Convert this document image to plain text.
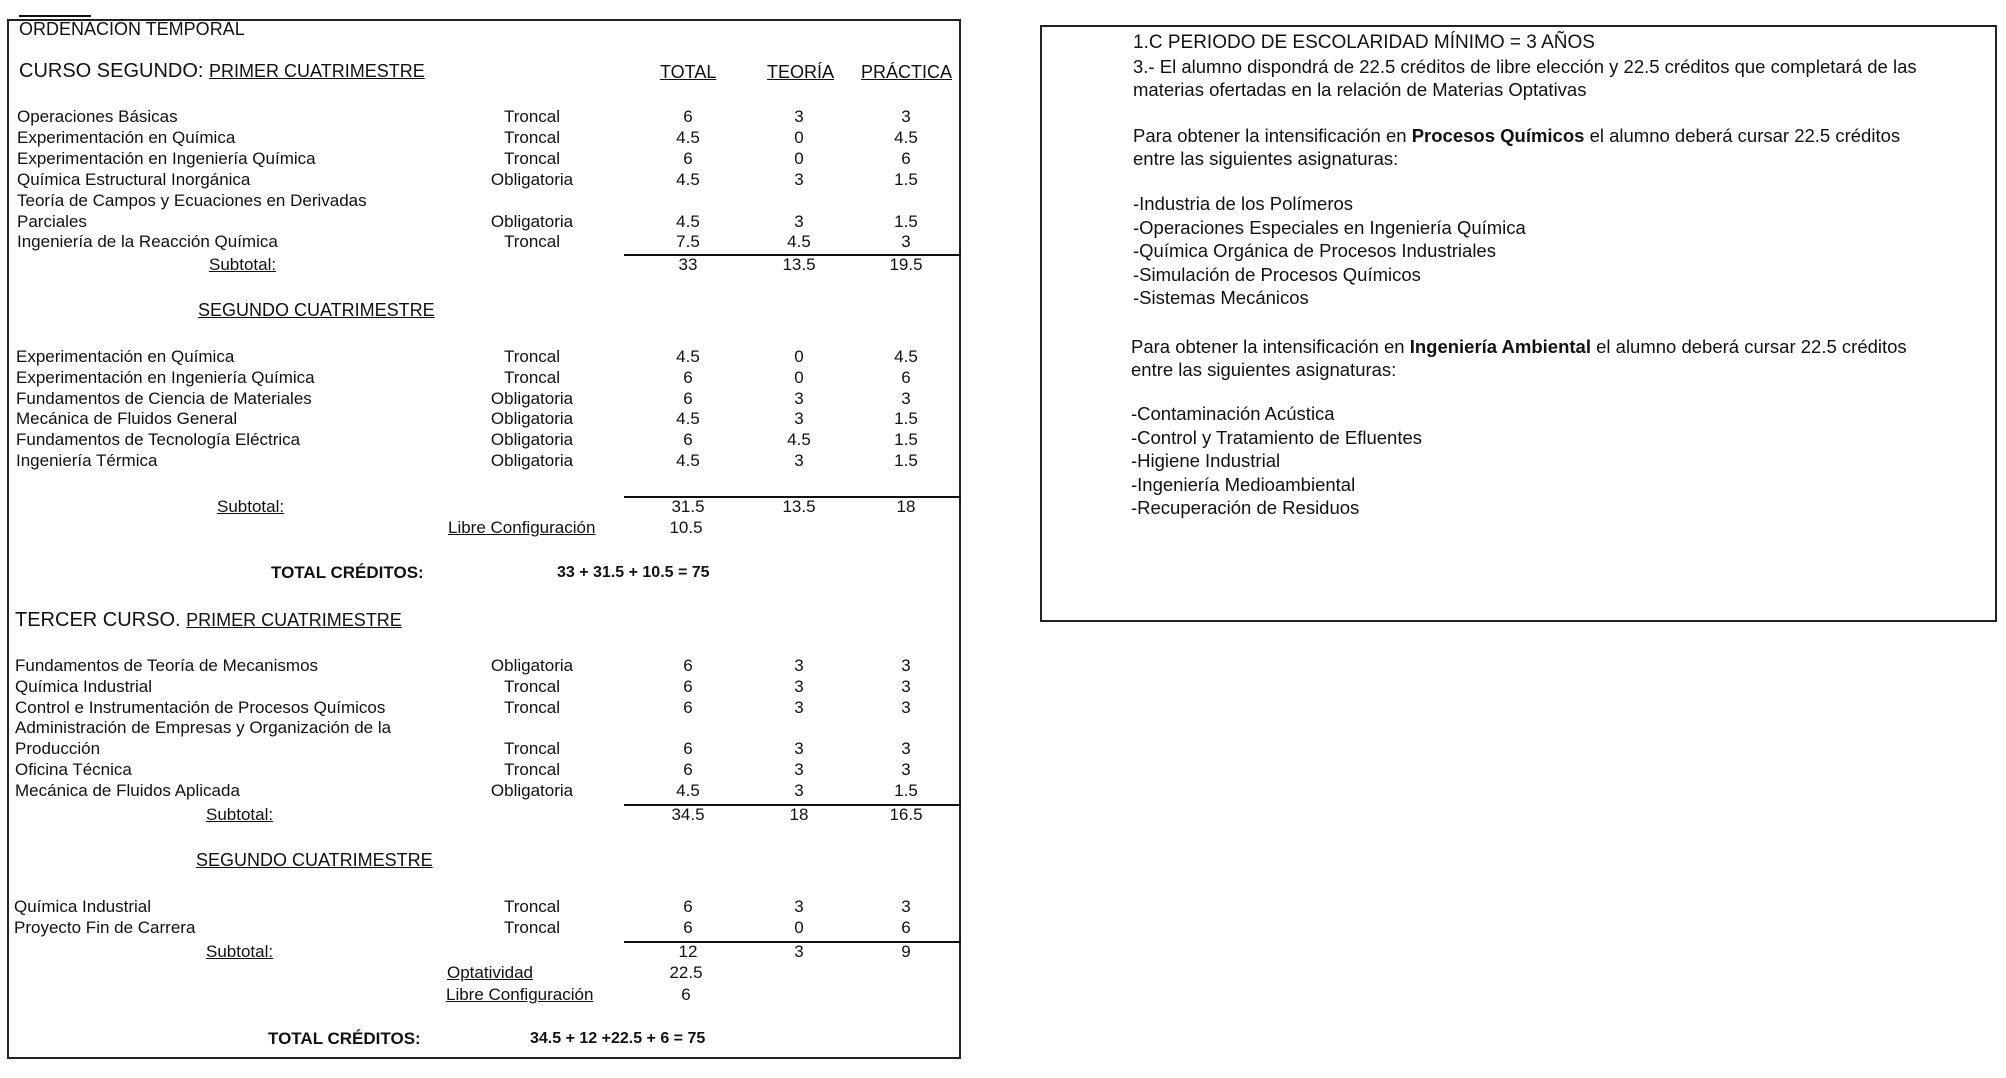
ORDENACIÓN TEMPORAL
CURSO SEGUNDO: PRIMER CUATRIMESTRE	TOTAL	TEORÍA PRÁCTICA
Operaciones Básicas	Troncal	6	3	3
Experimentación en Química	Troncal	4.5	0	4.5
Experimentación en Ingeniería Química	Troncal	6	0	6
Química Estructural Inorgánica	Obligatoria	4.5	3	1.5
Teoría de Campos y Ecuaciones en Derivadas
Parciales	Obligatoria	4.5	3	1.5
Ingeniería de la Reacción Química	Troncal	7.5	4.5	3
Subtotal:	33	13.5	19.5
SEGUNDO CUATRIMESTRE
Experimentación en Química	Troncal	4.5	0	4.5
Experimentación en Ingeniería Química	Troncal	6	0	6
Fundamentos de Ciencia de Materiales	Obligatoria	6	3	3
Mecánica de Fluidos General	Obligatoria	4.5	3	1.5
Fundamentos de Tecnología Eléctrica	Obligatoria	6	4.5	1.5
Ingeniería Térmica	Obligatoria	4.5	3	1.5
Subtotal:	31.5	13.5	18
Libre Configuración	10.5
TOTAL CRÉDITOS:	33 + 31.5 + 10.5 = 75
TERCER CURSO. PRIMER CUATRIMESTRE
Fundamentos de Teoría de Mecanismos	Obligatoria	6	3	3
Química Industrial	Troncal	6	3	3
Control e Instrumentación de Procesos Químicos	Troncal	6	3	3
Administración de Empresas y Organización de la
Producción	Troncal	6	3	3
Oficina Técnica	Troncal	6	3	3
Mecánica de Fluidos Aplicada	Obligatoria	4.5	3	1.5
Subtotal:	34.5	18	16.5
SEGUNDO CUATRIMESTRE
Química Industrial	Troncal	6	3	3
Proyecto Fin de Carrera	Troncal	6	0	6
Subtotal:	12	3	9
Optatividad	22.5
Libre Configuración	6
TOTAL CRÉDITOS:	34.5 + 12 +22.5 + 6 = 75
1.C PERIODO DE ESCOLARIDAD MÍNIMO = 3 AÑOS
3.- El alumno dispondrá de 22.5 créditos de libre elección y 22.5 créditos que completará de las
materias ofertadas en la relación de Materias Optativas
Para obtener la intensificación en Procesos Químicos el alumno deberá cursar 22.5 créditos
entre las siguientes asignaturas:
-Industria de los Polímeros
-Operaciones Especiales en Ingeniería Química
-Química Orgánica de Procesos Industriales
-Simulación de Procesos Químicos
-Sistemas Mecánicos
Para obtener la intensificación en Ingeniería Ambiental el alumno deberá cursar 22.5 créditos
entre las siguientes asignaturas:
-Contaminación Acústica
-Control y Tratamiento de Efluentes
-Higiene Industrial
-Ingeniería Medioambiental
-Recuperación de Residuos
